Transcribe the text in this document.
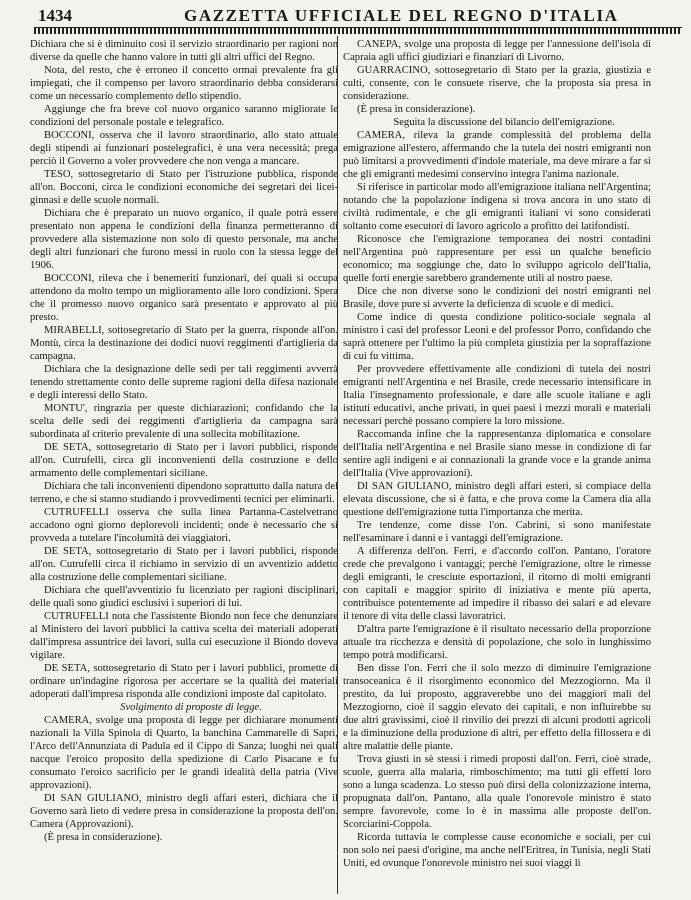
1434	GAZZETTA UFFICIALE DEL REGNO D'ITALIA

Dichiara che si è diminuito così il servizio straordinario per ragioni non diverse da quelle che hanno valore in tutti gli altri uffici del Regno.

Nota, del resto, che è erroneo il concetto ormai prevalente fra gli impiegati, che il compenso per lavoro straordinario debba considerarsi come un necessario complemento dello stipendio.

Aggiunge che fra breve col nuovo organico saranno migliorate le condizioni del personale postale e telegrafico.

BOCCONI, osserva che il lavoro straordinario, allo stato attuale degli stipendi ai funzionari postelegrafici, è una vera necessità; prega perciò il Governo a voler provvedere che non venga a mancare.

TESO, sottosegretario di Stato per l'istruzione pubblica, risponde all'on. Bocconi, circa le condizioni economiche dei segretari dei licei-ginnasi e delle scuole normali.

Dichiara che è preparato un nuovo organico, il quale potrà essere presentato non appena le condizioni della finanza permetteranno di provvedere alla sistemazione non solo di questo personale, ma anche degli altri funzionari che furono messi in ruolo con la stessa legge del 1906.

BOCCONI, rileva che i benemeriti funzionari, dei quali si occupa attendono da molto tempo un miglioramento alle loro condizioni. Spera che il promesso nuovo organico sarà presentato e approvato al più presto.

MIRABELLI, sottosegretario di Stato per la guerra, risponde all'on. Montù, circa la destinazione dei dodici nuovi reggimenti d'artiglieria da campagna.

Dichiara che la designazione delle sedi per tali reggimenti avverrà tenendo strettamente conto delle supreme ragioni della difesa nazionale e degli interessi dello Stato.

MONTU', ringrazia per queste dichiarazioni; confidando che la scelta delle sedi dei reggimenti d'artiglieria da campagna sarà subordinata al criterio prevalente di una sollecita mobilitazione.

DE SETA, sottosegretario di Stato per i lavori pubblici, risponde all'on. Cutrufelli, circa gli inconvenienti della costruzione e dello armamento delle complementari siciliane.

Dichiara che tali inconvenienti dipendono soprattutto dalla natura del terreno, e che si stanno studiando i provvedimenti tecnici per eliminarli.

CUTRUFELLI osserva che sulla linea Partanna-Castelvetrano accadono ogni giorno deplorevoli incidenti; onde è necessario che si provveda a tutelare l'incolumità dei viaggiatori.

DE SETA, sottosegretario di Stato per i lavori pubblici, risponde all'on. Cutrufelli circa il richiamo in servizio di un avventizio addetto alla costruzione delle complementari siciliane.

Dichiara che quell'avventizio fu licenziato per ragioni disciplinari, delle quali sono giudici esclusivi i superiori di lui.

CUTRUFELLI nota che l'assistente Biondo non fece che denunziare al Ministero dei lavori pubblici la cattiva scelta dei materiali adoperati dall'impresa assuntrice dei lavori, sulla cui esecuzione il Biondo doveva vigilare.

DE SETA, sottosegretario di Stato per i lavori pubblici, promette di ordinare un'indagine rigorosa per accertare se la qualità dei materiali adoperati dall'impresa risponda alle condizioni imposte dal capitolato.

Svolgimento di proposte di legge.

CAMERA, svolge una proposta di legge per dichiarare monumenti nazionali la Villa Spinola di Quarto, la banchina Cammarelle di Sapri, l'Arco dell'Annunziata di Padula ed il Cippo di Sanza; luoghi nei quali nacque l'eroico proposito della spedizione di Carlo Pisacane e fu consumato l'eroico sacrificio per le grandi idealità della patria (Vive approvazioni).

DI SAN GIULIANO, ministro degli affari esteri, dichiara che il Governo sarà lieto di vedere presa in considerazione la proposta dell'on. Camera (Approvazioni).

(È presa in considerazione).

CANEPA, svolge una proposta di legge per l'annessione dell'isola di Capraia agli uffici giudiziari e finanziari di Livorno.

GUARRACINO, sottosegretario di Stato per la grazia, giustizia e culti, consente, con le consuete riserve, che la proposta sia presa in considerazione.

(È presa in considerazione).

Seguita la discussione del bilancio dell'emigrazione.

CAMERA, rileva la grande complessità del problema della emigrazione all'estero, affermando che la tutela dei nostri emigranti non può limitarsi a provvedimenti d'indole materiale, ma deve mirare a far sì che gli emigranti medesimi conservino integra l'anima nazionale.

Si riferisce in particolar modo all'emigrazione italiana nell'Argentina; notando che la popolazione indigena si trova ancora in uno stato di civiltà rudimentale, e che gli emigranti italiani vi sono considerati soltanto come esecutori di lavoro agricolo a profitto dei latifondisti.

Riconosce che l'emigrazione temporanea dei nostri contadini nell'Argentina può rappresentare per essi un qualche beneficio economico; ma soggiunge che, dato lo sviluppo agricolo dell'Italia, quelle forti energie sarebbero grandemente utili al nostro paese.

Dice che non diverse sono le condizioni dei nostri emigranti nel Brasile, dove pure si avverte la deficienza di scuole e di medici.

Come indice di questa condizione politico-sociale segnala al ministro i casi del professor Leoni e del professor Porro, confidando che saprà ottenere per l'ultimo la più completa giustizia per la sopraffazione di cui fu vittima.

Per provvedere effettivamente alle condizioni di tutela dei nostri emigranti nell'Argentina e nel Brasile, crede necessario intensificare in Italia l'insegnamento professionale, e dare alle scuole italiane e agli istituti educativi, anche privati, in quei paesi i mezzi morali e materiali necessari perchè possano compiere la loro missione.

Raccomanda infine che la rappresentanza diplomatica e consolare dell'Italia nell'Argentina e nel Brasile siano messe in condizione di far sentire agli indigeni e ai connazionali la grande voce e la grande anima dell'Italia (Vive approvazioni).

DI SAN GIULIANO, ministro degli affari esteri, si compiace della elevata discussione, che si è fatta, e che prova come la Camera dia alla questione dell'emigrazione tutta l'importanza che merita.

Tre tendenze, come disse l'on. Cabrini, si sono manifestate nell'esaminare i danni e i vantaggi dell'emigrazione.

A differenza dell'on. Ferri, e d'accordo coll'on. Pantano, l'oratore crede che prevalgono i vantaggi; perchè l'emigrazione, oltre le rimesse degli emigranti, le cresciute esportazioni, il ritorno di molti emigranti con capitali e maggior spirito di iniziativa e mente più aperta, contribuisce potentemente ad impedire il ribasso dei salari e ad elevare il tenore di vita delle classi lavoratrici.

D'altra parte l'emigrazione è il risultato necessario della proporzione attuale tra ricchezza e densità di popolazione, che solo in lunghissimo tempo potrà modificarsi.

Ben disse l'on. Ferri che il solo mezzo di diminuire l'emigrazione transoceanica è il risorgimento economico del Mezzogiorno. Ma il prestito, da lui proposto, aggraverebbe uno dei maggiori mali del Mezzogiorno, cioè il saggio elevato dei capitali, e non influirebbe su due altri gravissimi, cioè il rinvilio dei prezzi di alcuni prodotti agricoli e la diminuzione della produzione di altri, per effetto della fillossera e di altre malattie delle piante.

Trova giusti in sè stessi i rimedi proposti dall'on. Ferri, cioè strade, scuole, guerra alla malaria, rimboschimento; ma tutti gli effetti loro sono a lunga scadenza. Lo stesso può dirsi della colonizzazione interna, propugnata dall'on. Pantano, alla quale l'onorevole ministro è stato sempre favorevole, come lo è in massima alle proposte dell'on. Scorciarini-Coppola.

Ricorda tuttavia le complesse cause economiche e sociali, per cui non solo nei paesi d'origine, ma anche nell'Eritrea, in Tunisia, negli Stati Uniti, ed ovunque l'onorevole ministro nei suoi viaggi li
